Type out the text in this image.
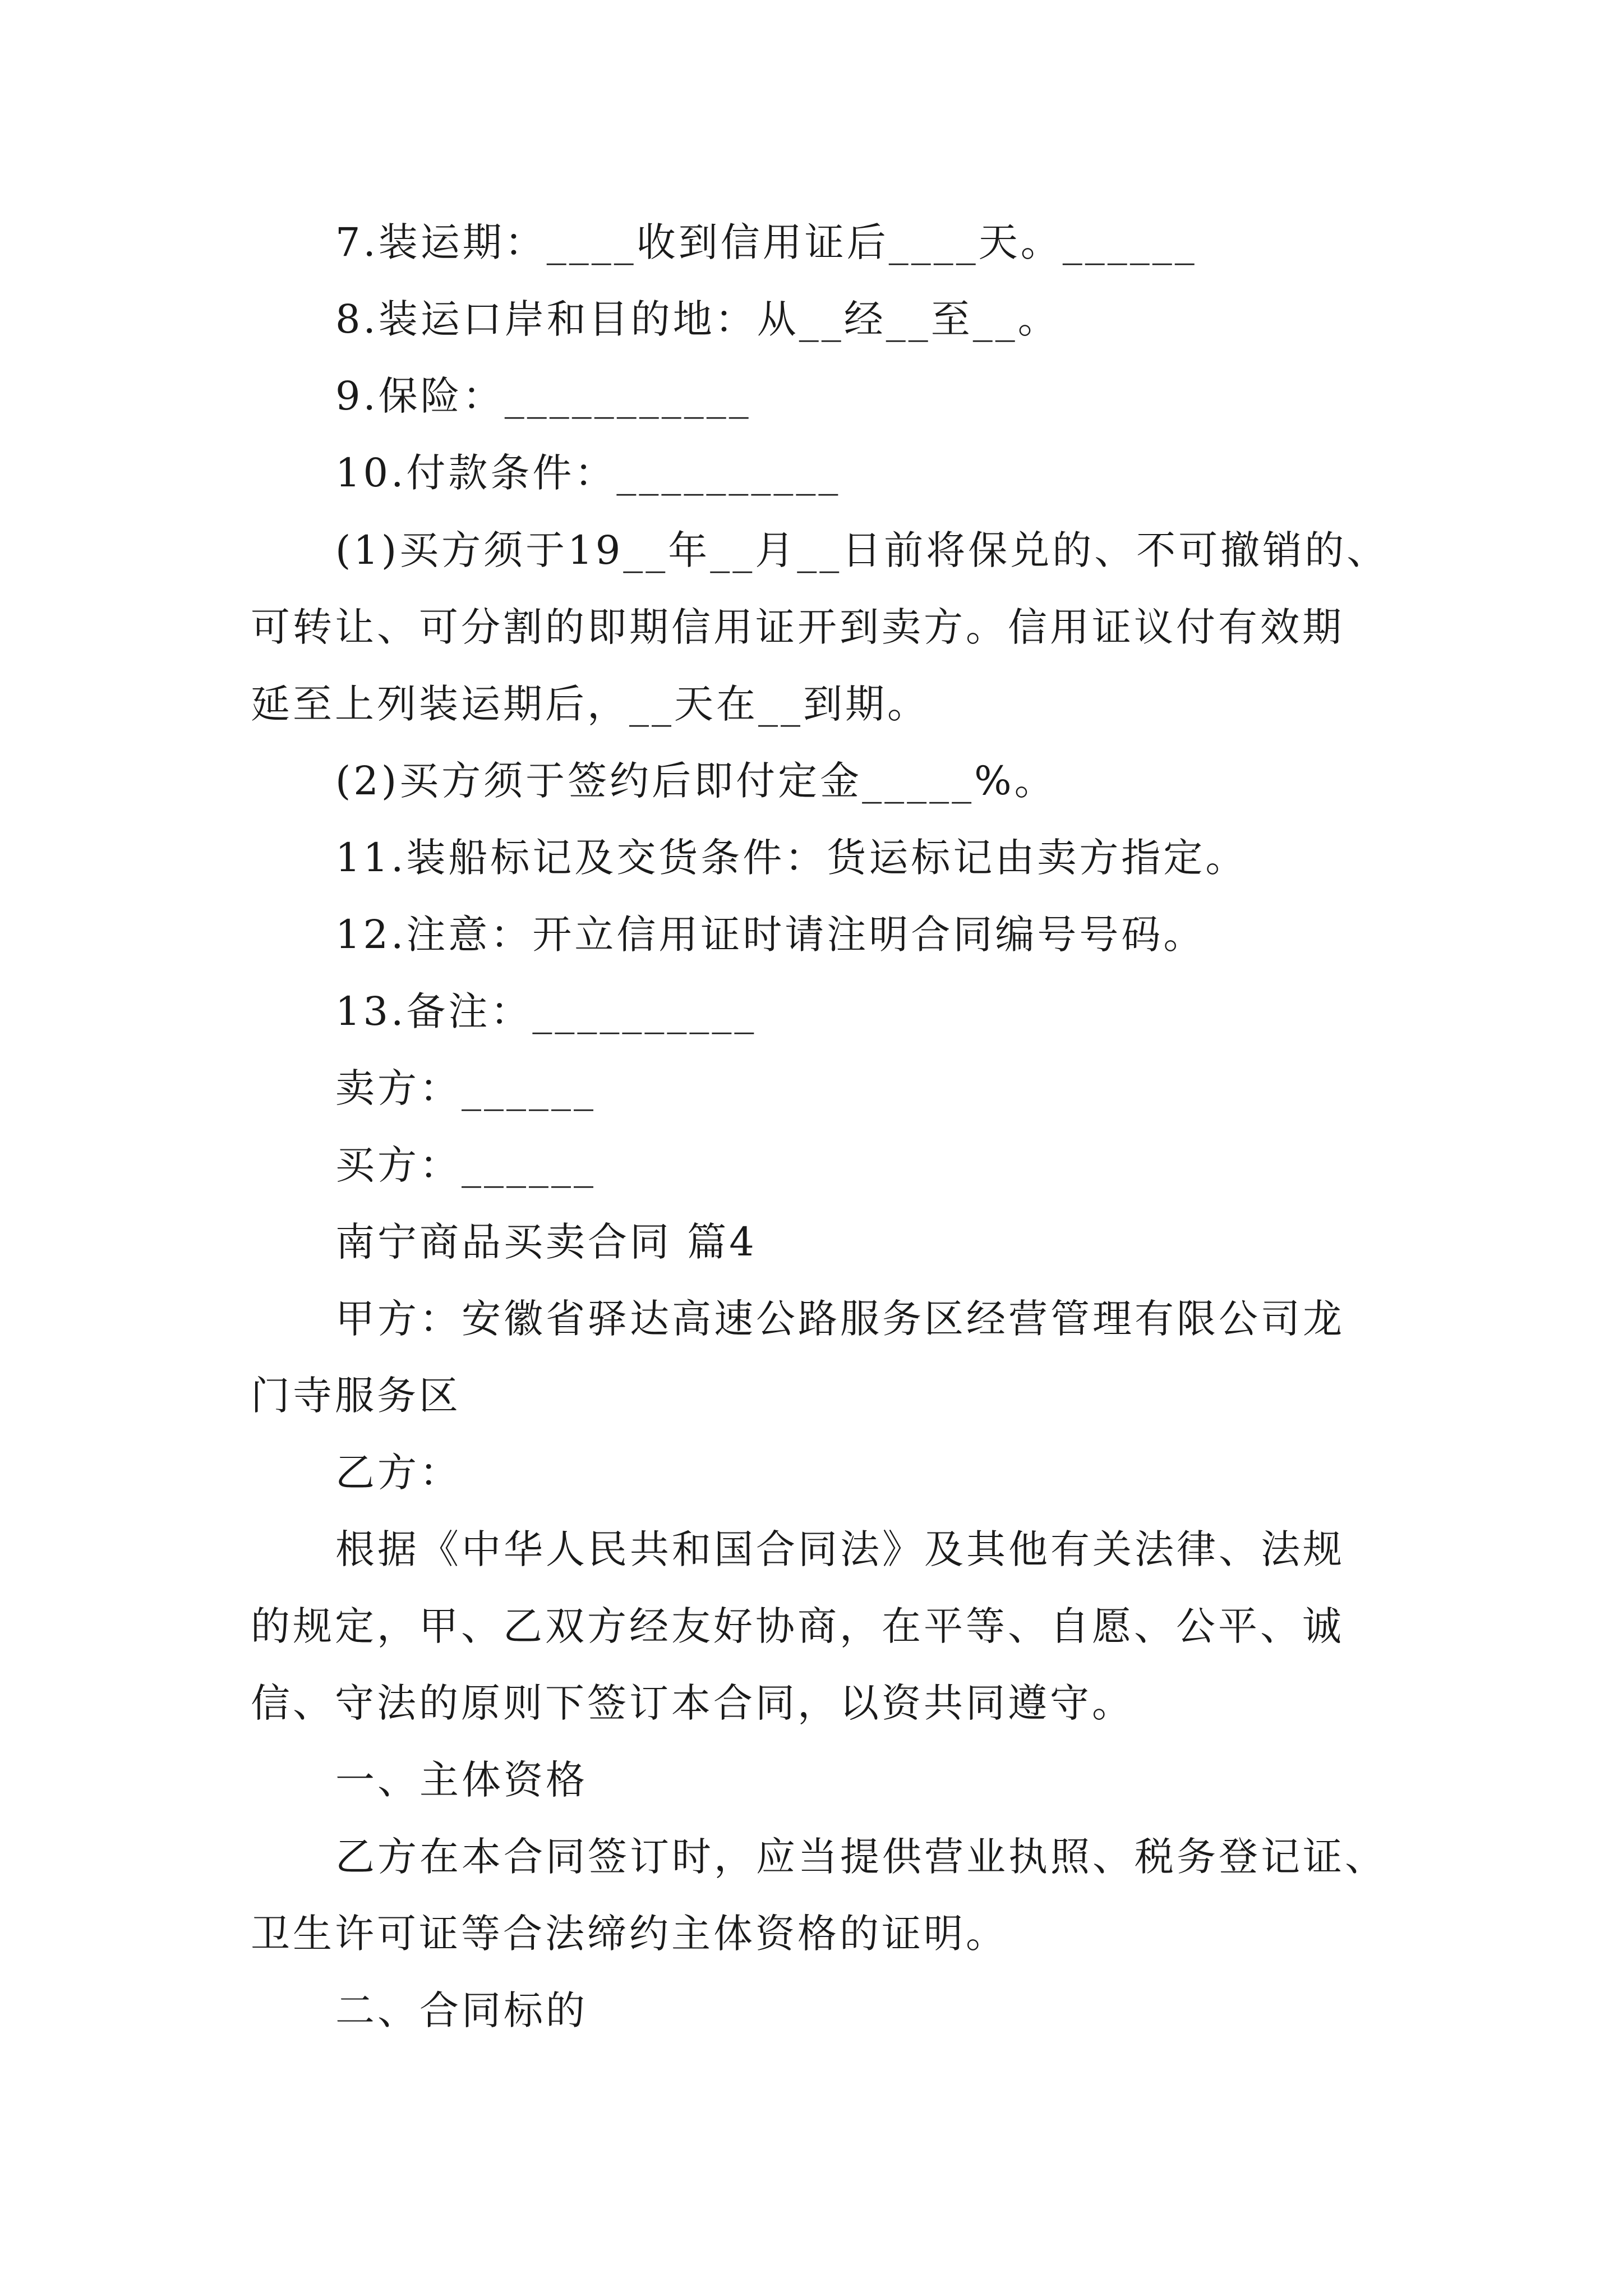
7.装运期：____收到信用证后____天。______
8.装运口岸和目的地：从__经__至__。
9.保险：___________
10.付款条件：__________
(1)买方须于19__年__月__日前将保兑的、不可撤销的、
可转让、可分割的即期信用证开到卖方。信用证议付有效期
延至上列装运期后，__天在__到期。
(2)买方须于签约后即付定金_____%。
11.装船标记及交货条件：货运标记由卖方指定。
12.注意：开立信用证时请注明合同编号号码。
13.备注：__________
卖方：______
买方：______
南宁商品买卖合同 篇4
甲方：安徽省驿达高速公路服务区经营管理有限公司龙
门寺服务区
乙方：
根据《中华人民共和国合同法》及其他有关法律、法规
的规定，甲、乙双方经友好协商，在平等、自愿、公平、诚
信、守法的原则下签订本合同，以资共同遵守。
一、主体资格
乙方在本合同签订时，应当提供营业执照、税务登记证、
卫生许可证等合法缔约主体资格的证明。
二、合同标的
